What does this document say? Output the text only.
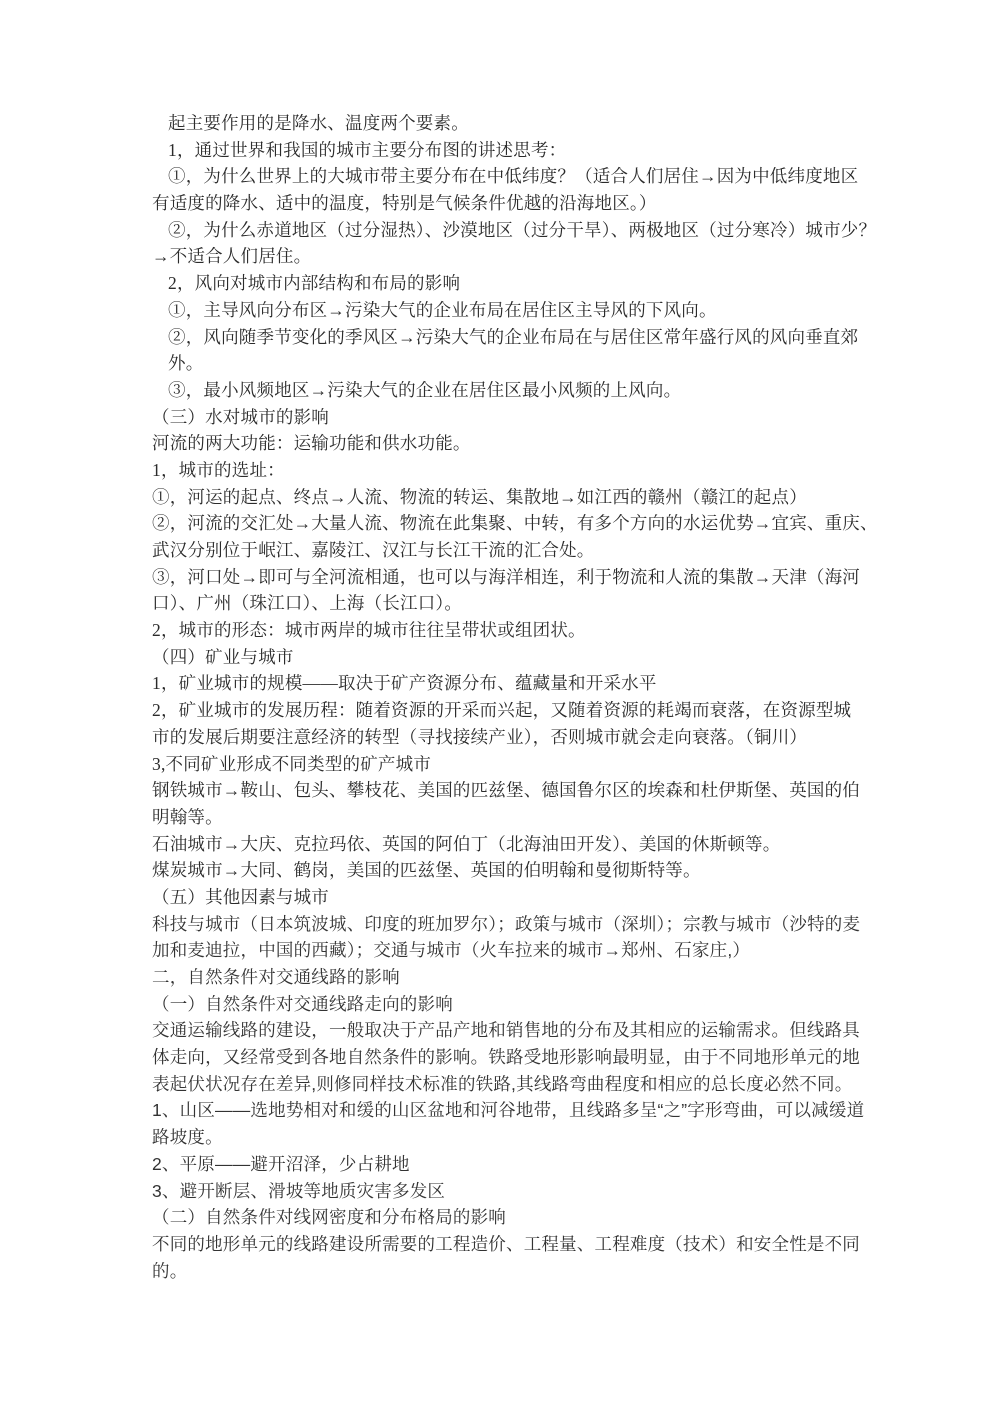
起主要作用的是降水、温度两个要素。
1，通过世界和我国的城市主要分布图的讲述思考：
①，为什么世界上的大城市带主要分布在中低纬度？（适合人们居住→因为中低纬度地区
有适度的降水、适中的温度，特别是气候条件优越的沿海地区。）
②，为什么赤道地区（过分湿热）、沙漠地区（过分干旱）、两极地区（过分寒冷）城市少？
→不适合人们居住。
2，风向对城市内部结构和布局的影响
①，主导风向分布区→污染大气的企业布局在居住区主导风的下风向。
②，风向随季节变化的季风区→污染大气的企业布局在与居住区常年盛行风的风向垂直郊
外。
③，最小风频地区→污染大气的企业在居住区最小风频的上风向。
（三）水对城市的影响
河流的两大功能：运输功能和供水功能。
1，城市的选址：
①，河运的起点、终点→人流、物流的转运、集散地→如江西的赣州（赣江的起点）
②，河流的交汇处→大量人流、物流在此集聚、中转，有多个方向的水运优势→宜宾、重庆、
武汉分别位于岷江、嘉陵江、汉江与长江干流的汇合处。
③，河口处→即可与全河流相通，也可以与海洋相连，利于物流和人流的集散→天津（海河
口）、广州（珠江口）、上海（长江口）。
2，城市的形态：城市两岸的城市往往呈带状或组团状。
（四）矿业与城市
1，矿业城市的规模——取决于矿产资源分布、蕴藏量和开采水平
2，矿业城市的发展历程：随着资源的开采而兴起，又随着资源的耗竭而衰落，在资源型城
市的发展后期要注意经济的转型（寻找接续产业），否则城市就会走向衰落。（铜川）
3,不同矿业形成不同类型的矿产城市
钢铁城市→鞍山、包头、攀枝花、美国的匹兹堡、德国鲁尔区的埃森和杜伊斯堡、英国的伯
明翰等。
石油城市→大庆、克拉玛依、英国的阿伯丁（北海油田开发）、美国的休斯顿等。
煤炭城市→大同、鹤岗，美国的匹兹堡、英国的伯明翰和曼彻斯特等。
（五）其他因素与城市
科技与城市（日本筑波城、印度的班加罗尔）；政策与城市（深圳）；宗教与城市（沙特的麦
加和麦迪拉，中国的西藏）；交通与城市（火车拉来的城市→郑州、石家庄,）
二，自然条件对交通线路的影响
（一）自然条件对交通线路走向的影响
交通运输线路的建设，一般取决于产品产地和销售地的分布及其相应的运输需求。但线路具
体走向，又经常受到各地自然条件的影响。铁路受地形影响最明显，由于不同地形单元的地
表起伏状况存在差异,则修同样技术标准的铁路,其线路弯曲程度和相应的总长度必然不同。
1、山区——选地势相对和缓的山区盆地和河谷地带，且线路多呈“之”字形弯曲，可以减缓道
路坡度。
2、平原——避开沼泽，少占耕地
3、避开断层、滑坡等地质灾害多发区
（二）自然条件对线网密度和分布格局的影响
不同的地形单元的线路建设所需要的工程造价、工程量、工程难度（技术）和安全性是不同
的。
